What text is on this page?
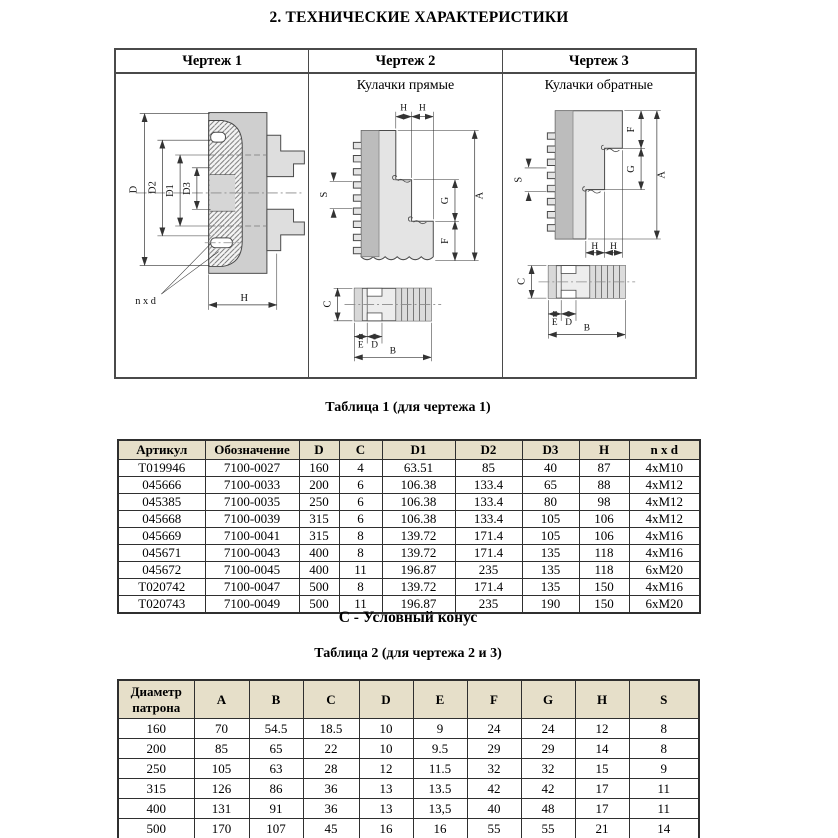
2. ТЕХНИЧЕСКИЕ ХАРАКТЕРИСТИКИ
Чертеж 1	Чертеж 2	Чертеж 3
D D2 D1 D3
H
n x d
Кулачки прямые
H H
A
G
F
S
C
E D
B
Кулачки обратные
F
G
A
H H
S
C
E D
B
Таблица 1 (для чертежа 1)
Артикул	Обозначение	D	C	D1	D2	D3	H	n x d
T019946	7100-0027	160	4	63.51	85	40	87	4xM10
045666	7100-0033	200	6	106.38	133.4	65	88	4xM12
045385	7100-0035	250	6	106.38	133.4	80	98	4xM12
045668	7100-0039	315	6	106.38	133.4	105	106	4xM12
045669	7100-0041	315	8	139.72	171.4	105	106	4xM16
045671	7100-0043	400	8	139.72	171.4	135	118	4xM16
045672	7100-0045	400	11	196.87	235	135	118	6xM20
T020742	7100-0047	500	8	139.72	171.4	135	150	4xM16
T020743	7100-0049	500	11	196.87	235	190	150	6xM20
С - Условный конус
Таблица 2 (для чертежа 2 и 3)
Диаметр патрона	A	B	C	D	E	F	G	H	S
160	70	54.5	18.5	10	9	24	24	12	8
200	85	65	22	10	9.5	29	29	14	8
250	105	63	28	12	11.5	32	32	15	9
315	126	86	36	13	13.5	42	42	17	11
400	131	91	36	13	13,5	40	48	17	11
500	170	107	45	16	16	55	55	21	14
